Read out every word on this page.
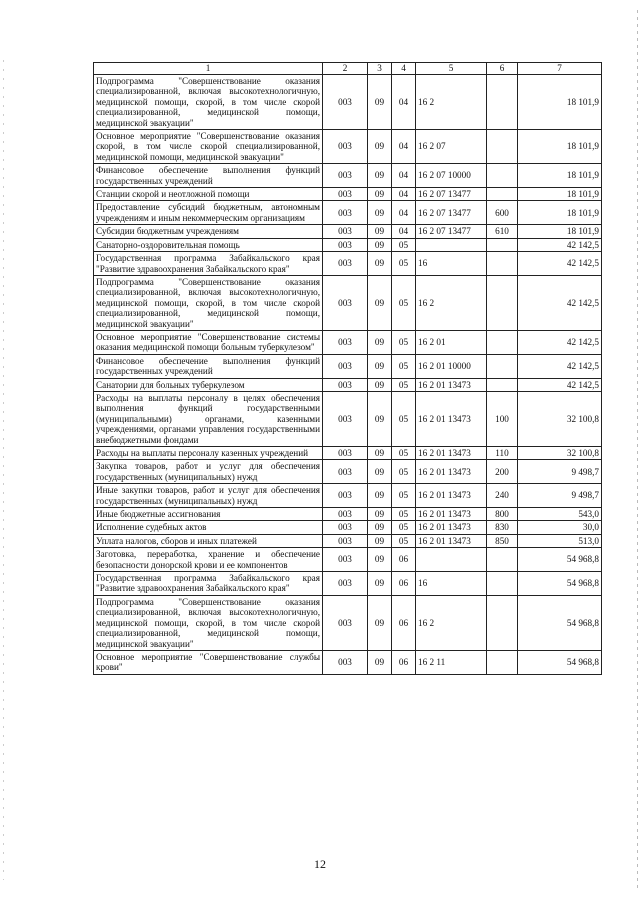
1	2	3	4	5	6	7
Подпрограмма "Совершенствование оказания специализированной, включая высокотехнологичную, медицинской помощи, скорой, в том числе скорой специализированной, медицинской помощи, медицинской эвакуации"	003	09	04	16 2		18 101,9
Основное мероприятие "Совершенствование оказания скорой, в том числе скорой специализированной, медицинской помощи, медицинской эвакуации"	003	09	04	16 2 07		18 101,9
Финансовое обеспечение выполнения функций государственных учреждений	003	09	04	16 2 07 10000		18 101,9
Станции скорой и неотложной помощи	003	09	04	16 2 07 13477		18 101,9
Предоставление субсидий бюджетным, автономным учреждениям и иным некоммерческим организациям	003	09	04	16 2 07 13477	600	18 101,9
Субсидии бюджетным учреждениям	003	09	04	16 2 07 13477	610	18 101,9
Санаторно-оздоровительная помощь	003	09	05			42 142,5
Государственная программа Забайкальского края "Развитие здравоохранения Забайкальского края"	003	09	05	16		42 142,5
Подпрограмма "Совершенствование оказания специализированной, включая высокотехнологичную, медицинской помощи, скорой, в том числе скорой специализированной, медицинской помощи, медицинской эвакуации"	003	09	05	16 2		42 142,5
Основное мероприятие "Совершенствование системы оказания медицинской помощи больным туберкулезом"	003	09	05	16 2 01		42 142,5
Финансовое обеспечение выполнения функций государственных учреждений	003	09	05	16 2 01 10000		42 142,5
Санатории для больных туберкулезом	003	09	05	16 2 01 13473		42 142,5
Расходы на выплаты персоналу в целях обеспечения выполнения функций государственными (муниципальными) органами, казенными учреждениями, органами управления государственными внебюджетными фондами	003	09	05	16 2 01 13473	100	32 100,8
Расходы на выплаты персоналу казенных учреждений	003	09	05	16 2 01 13473	110	32 100,8
Закупка товаров, работ и услуг для обеспечения государственных (муниципальных) нужд	003	09	05	16 2 01 13473	200	9 498,7
Иные закупки товаров, работ и услуг для обеспечения государственных (муниципальных) нужд	003	09	05	16 2 01 13473	240	9 498,7
Иные бюджетные ассигнования	003	09	05	16 2 01 13473	800	543,0
Исполнение судебных актов	003	09	05	16 2 01 13473	830	30,0
Уплата налогов, сборов и иных платежей	003	09	05	16 2 01 13473	850	513,0
Заготовка, переработка, хранение и обеспечение безопасности донорской крови и ее компонентов	003	09	06			54 968,8
Государственная программа Забайкальского края "Развитие здравоохранения Забайкальского края"	003	09	06	16		54 968,8
Подпрограмма "Совершенствование оказания специализированной, включая высокотехнологичную, медицинской помощи, скорой, в том числе скорой специализированной, медицинской помощи, медицинской эвакуации"	003	09	06	16 2		54 968,8
Основное мероприятие "Совершенствование службы крови"	003	09	06	16 2 11		54 968,8
12
